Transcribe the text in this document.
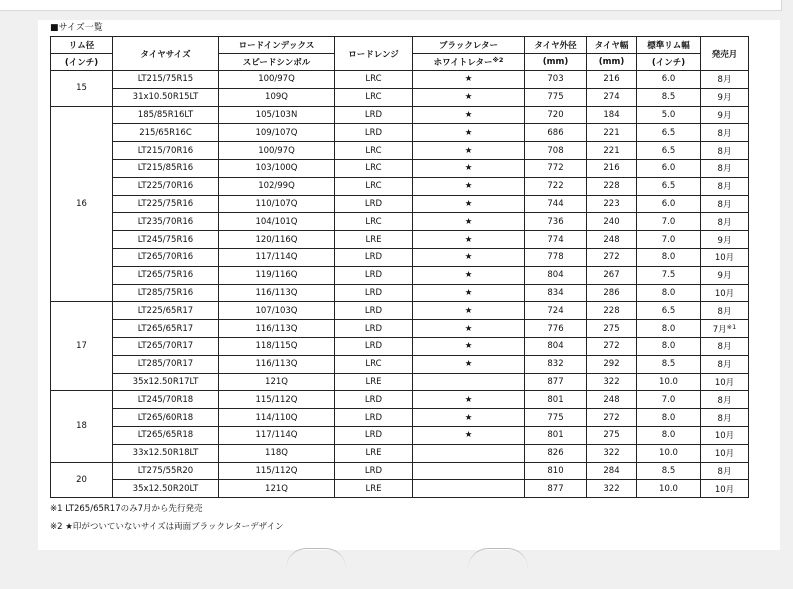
■サイズ一覧
リム径	タイヤサイズ	ロードインデックス	ロードレンジ	ブラックレター	タイヤ外径	タイヤ幅	標準リム幅	発売月
(インチ)		スピードシンボル		ホワイトレター$^{※2}$	(mm)	(mm)	(インチ)	
15	LT215/75R15	100/97Q	LRC	★	703	216	6.0	8月
	31x10.50R15LT	109Q	LRC	★	775	274	8.5	9月
16	185/85R16LT	105/103N	LRD	★	720	184	5.0	9月
	215/65R16C	109/107Q	LRD	★	686	221	6.5	8月
	LT215/70R16	100/97Q	LRC	★	708	221	6.5	8月
	LT215/85R16	103/100Q	LRC	★	772	216	6.0	8月
	LT225/70R16	102/99Q	LRC	★	722	228	6.5	8月
	LT225/75R16	110/107Q	LRD	★	744	223	6.0	8月
	LT235/70R16	104/101Q	LRC	★	736	240	7.0	8月
	LT245/75R16	120/116Q	LRE	★	774	248	7.0	9月
	LT265/70R16	117/114Q	LRD	★	778	272	8.0	10月
	LT265/75R16	119/116Q	LRD	★	804	267	7.5	9月
	LT285/75R16	116/113Q	LRD	★	834	286	8.0	10月
17	LT225/65R17	107/103Q	LRD	★	724	228	6.5	8月
	LT265/65R17	116/113Q	LRD	★	776	275	8.0	7月$^{※1}$
	LT265/70R17	118/115Q	LRD	★	804	272	8.0	8月
	LT285/70R17	116/113Q	LRC	★	832	292	8.5	8月
	35x12.50R17LT	121Q	LRE		877	322	10.0	10月
18	LT245/70R18	115/112Q	LRD	★	801	248	7.0	8月
	LT265/60R18	114/110Q	LRD	★	775	272	8.0	8月
	LT265/65R18	117/114Q	LRD	★	801	275	8.0	10月
	33x12.50R18LT	118Q	LRE		826	322	10.0	10月
20	LT275/55R20	115/112Q	LRD		810	284	8.5	8月
	35x12.50R20LT	121Q	LRE		877	322	10.0	10月
※1 LT265/65R17のみ7月から先行発売
※2 ★印がついていないサイズは両面ブラックレターデザイン
